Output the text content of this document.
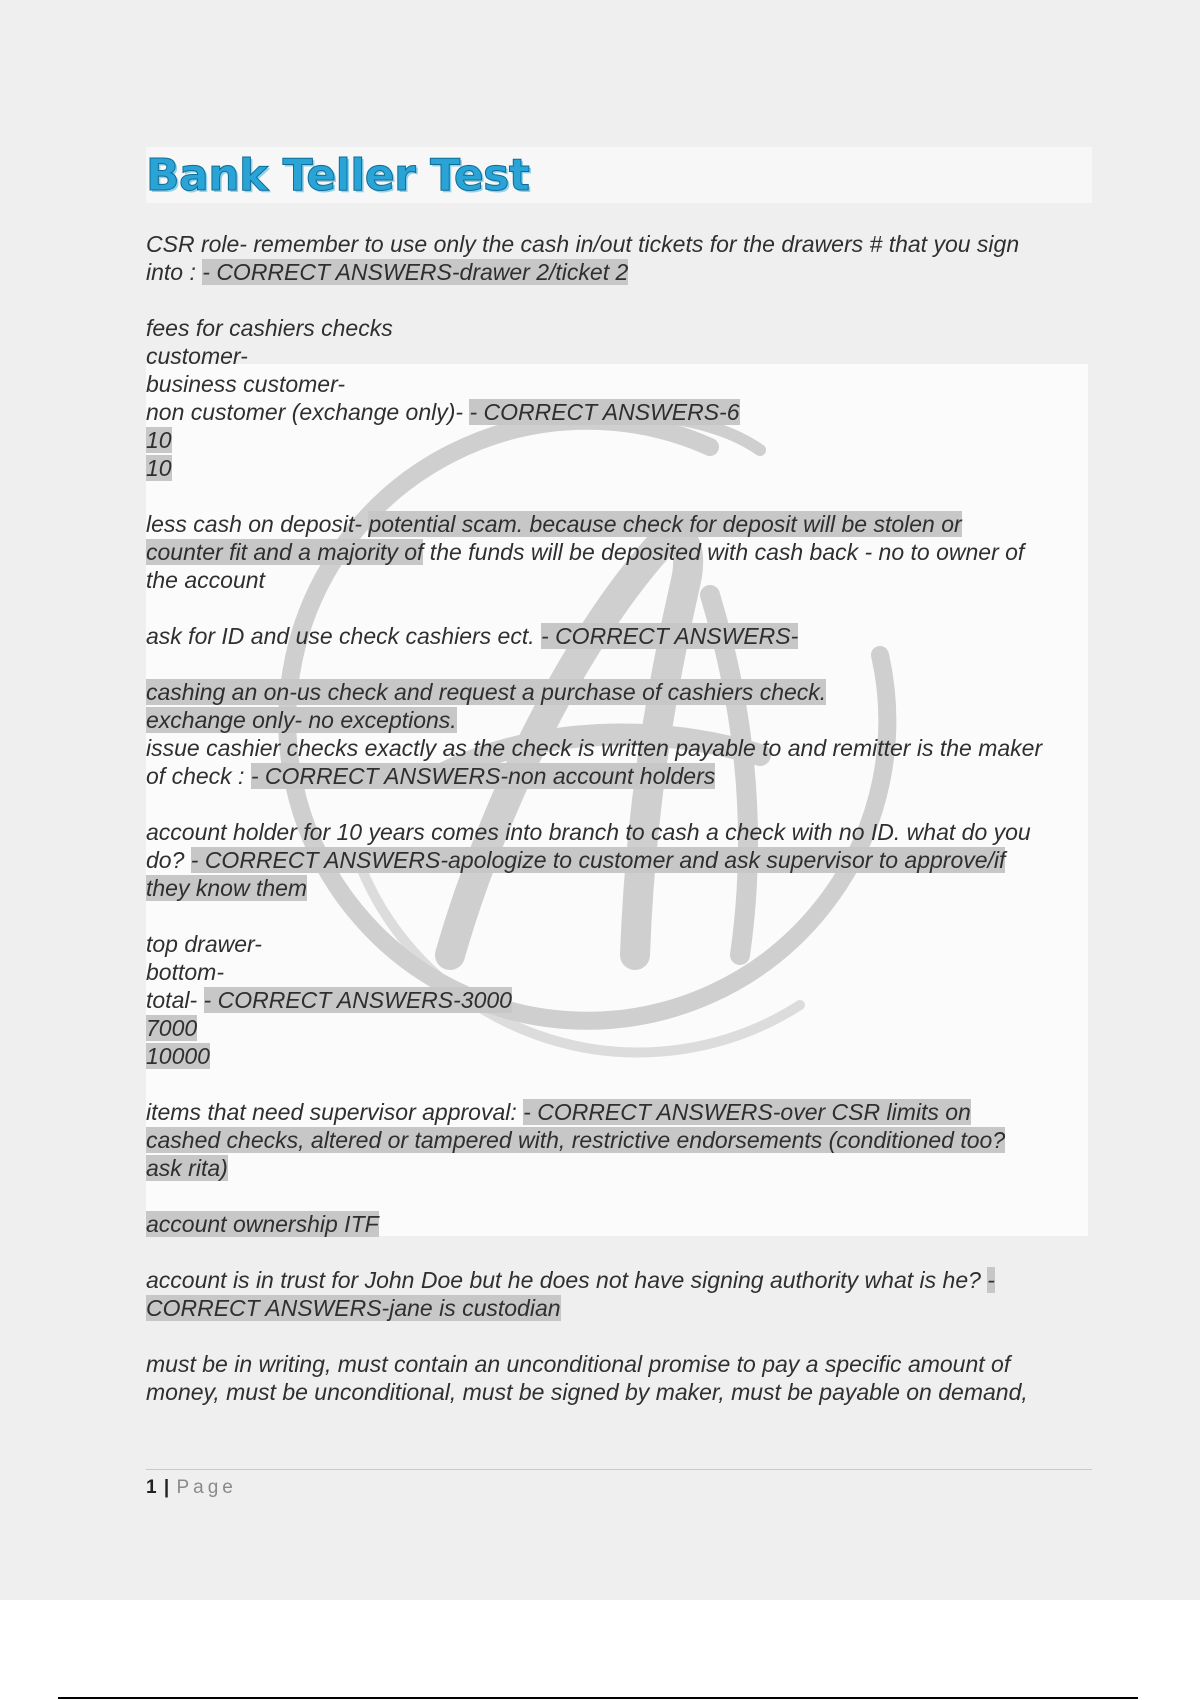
Bank Teller Test
CSR role- remember to use only the cash in/out tickets for the drawers # that you sign
into : - CORRECT ANSWERS-drawer 2/ticket 2
fees for cashiers checks
customer-
business customer-
non customer (exchange only)- - CORRECT ANSWERS-6
10
10
less cash on deposit- potential scam. because check for deposit will be stolen or
counter fit and a majority of the funds will be deposited with cash back - no to owner of
the account
ask for ID and use check cashiers ect. - CORRECT ANSWERS-
cashing an on-us check and request a purchase of cashiers check.
exchange only- no exceptions.
issue cashier checks exactly as the check is written payable to and remitter is the maker
of check : - CORRECT ANSWERS-non account holders
account holder for 10 years comes into branch to cash a check with no ID. what do you
do? - CORRECT ANSWERS-apologize to customer and ask supervisor to approve/if
they know them
top drawer-
bottom-
total- - CORRECT ANSWERS-3000
7000
10000
items that need supervisor approval: - CORRECT ANSWERS-over CSR limits on
cashed checks, altered or tampered with, restrictive endorsements (conditioned too?
ask rita)
account ownership ITF
account is in trust for John Doe but he does not have signing authority what is he? -
CORRECT ANSWERS-jane is custodian
must be in writing, must contain an unconditional promise to pay a specific amount of
money, must be unconditional, must be signed by maker, must be payable on demand,
1 | Page
